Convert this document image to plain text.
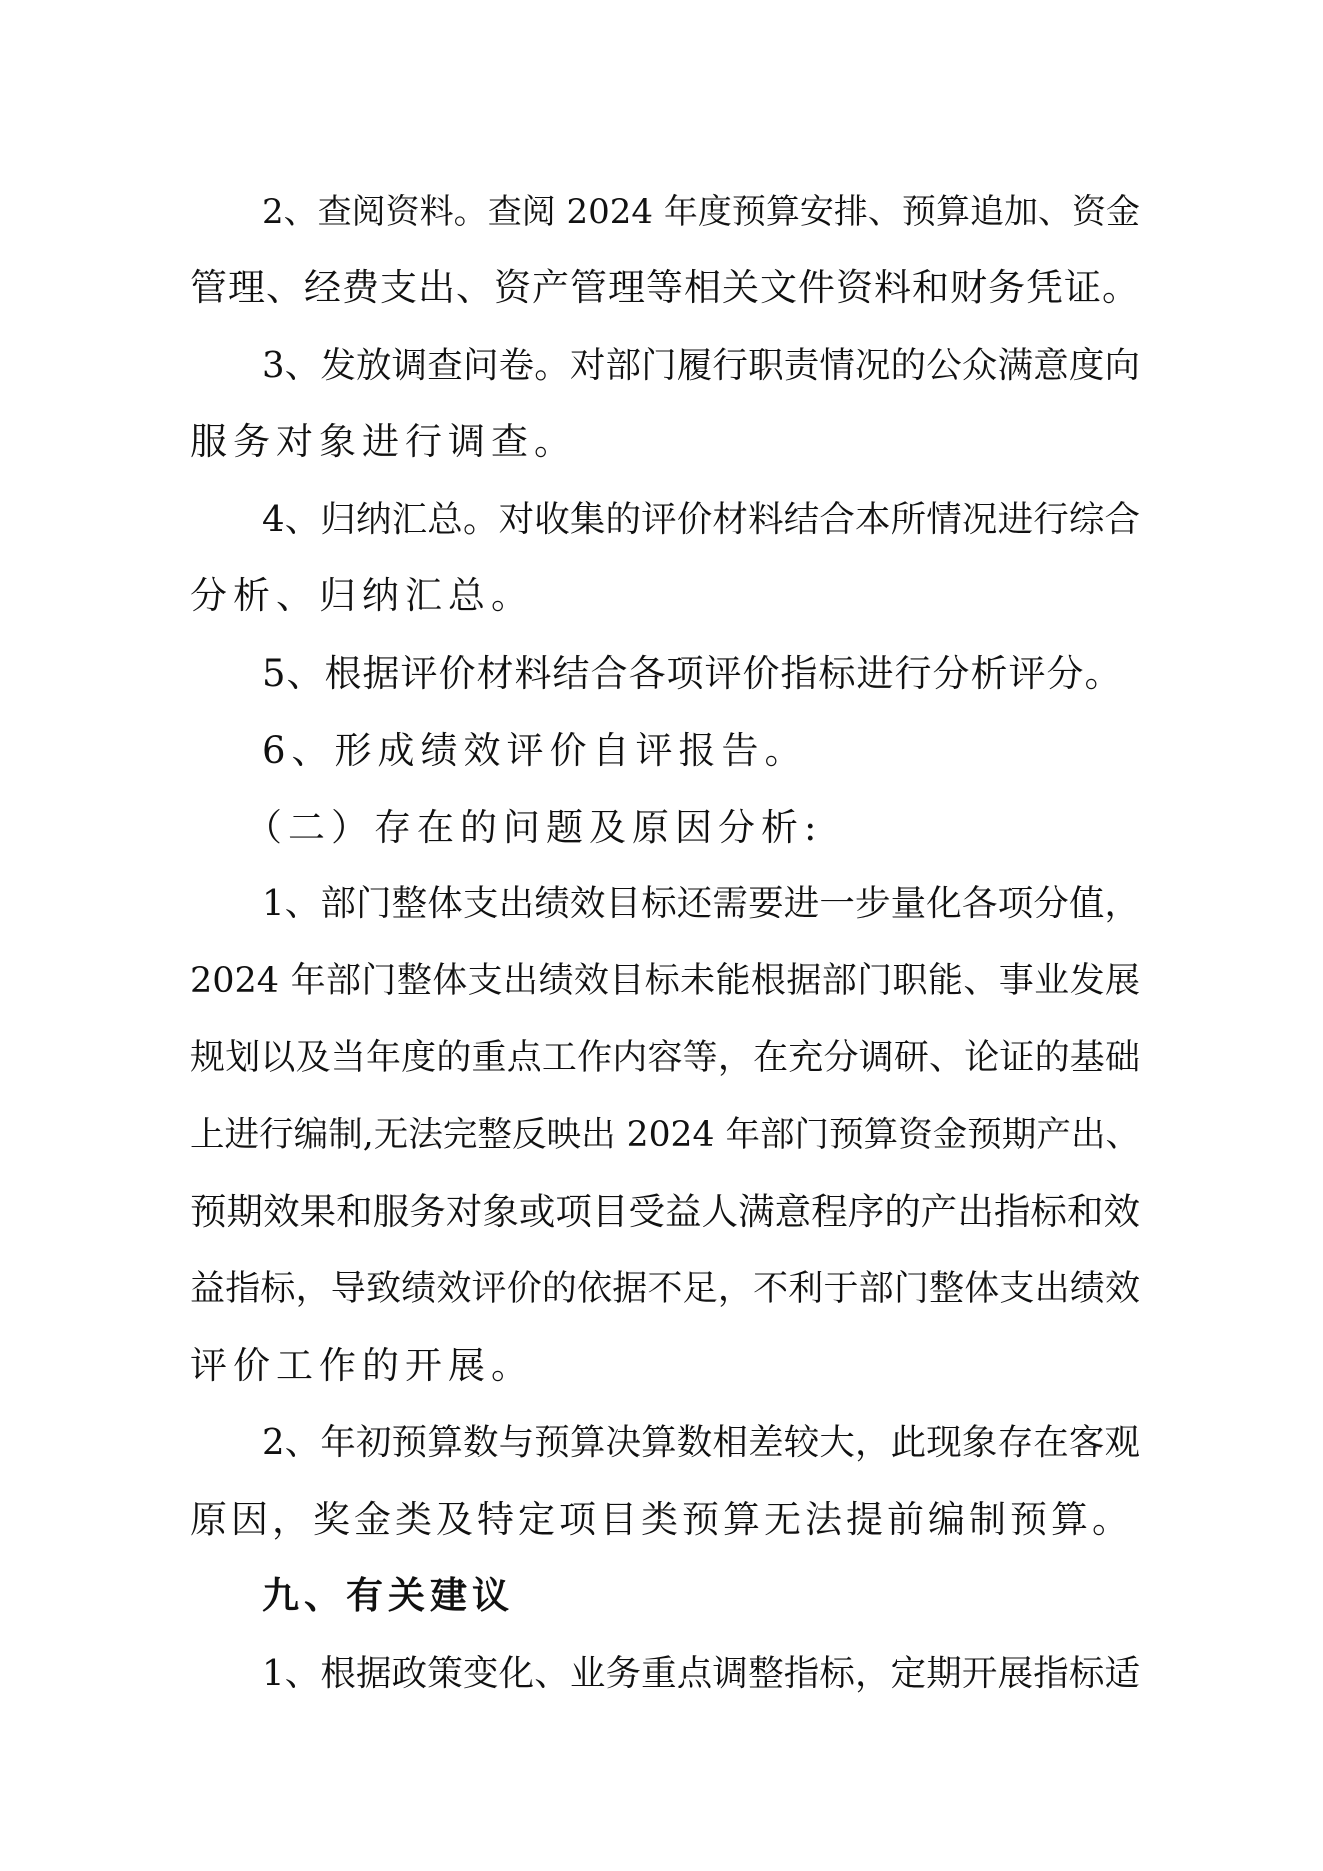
2、查阅资料。查阅 2024 年度预算安排、预算追加、资金

管理、经费支出、资产管理等相关文件资料和财务凭证。

3、发放调查问卷。对部门履行职责情况的公众满意度向

服务对象进行调查。

4、归纳汇总。对收集的评价材料结合本所情况进行综合

分析、归纳汇总。

5、根据评价材料结合各项评价指标进行分析评分。

6、形成绩效评价自评报告。

（二）存在的问题及原因分析:

1、部门整体支出绩效目标还需要进一步量化各项分值，

2024 年部门整体支出绩效目标未能根据部门职能、事业发展

规划以及当年度的重点工作内容等，在充分调研、论证的基础

上进行编制,无法完整反映出 2024 年部门预算资金预期产出、

预期效果和服务对象或项目受益人满意程序的产出指标和效

益指标，导致绩效评价的依据不足，不利于部门整体支出绩效

评价工作的开展。

2、年初预算数与预算决算数相差较大，此现象存在客观

原因，奖金类及特定项目类预算无法提前编制预算。

九、有关建议

1、根据政策变化、业务重点调整指标，定期开展指标适
